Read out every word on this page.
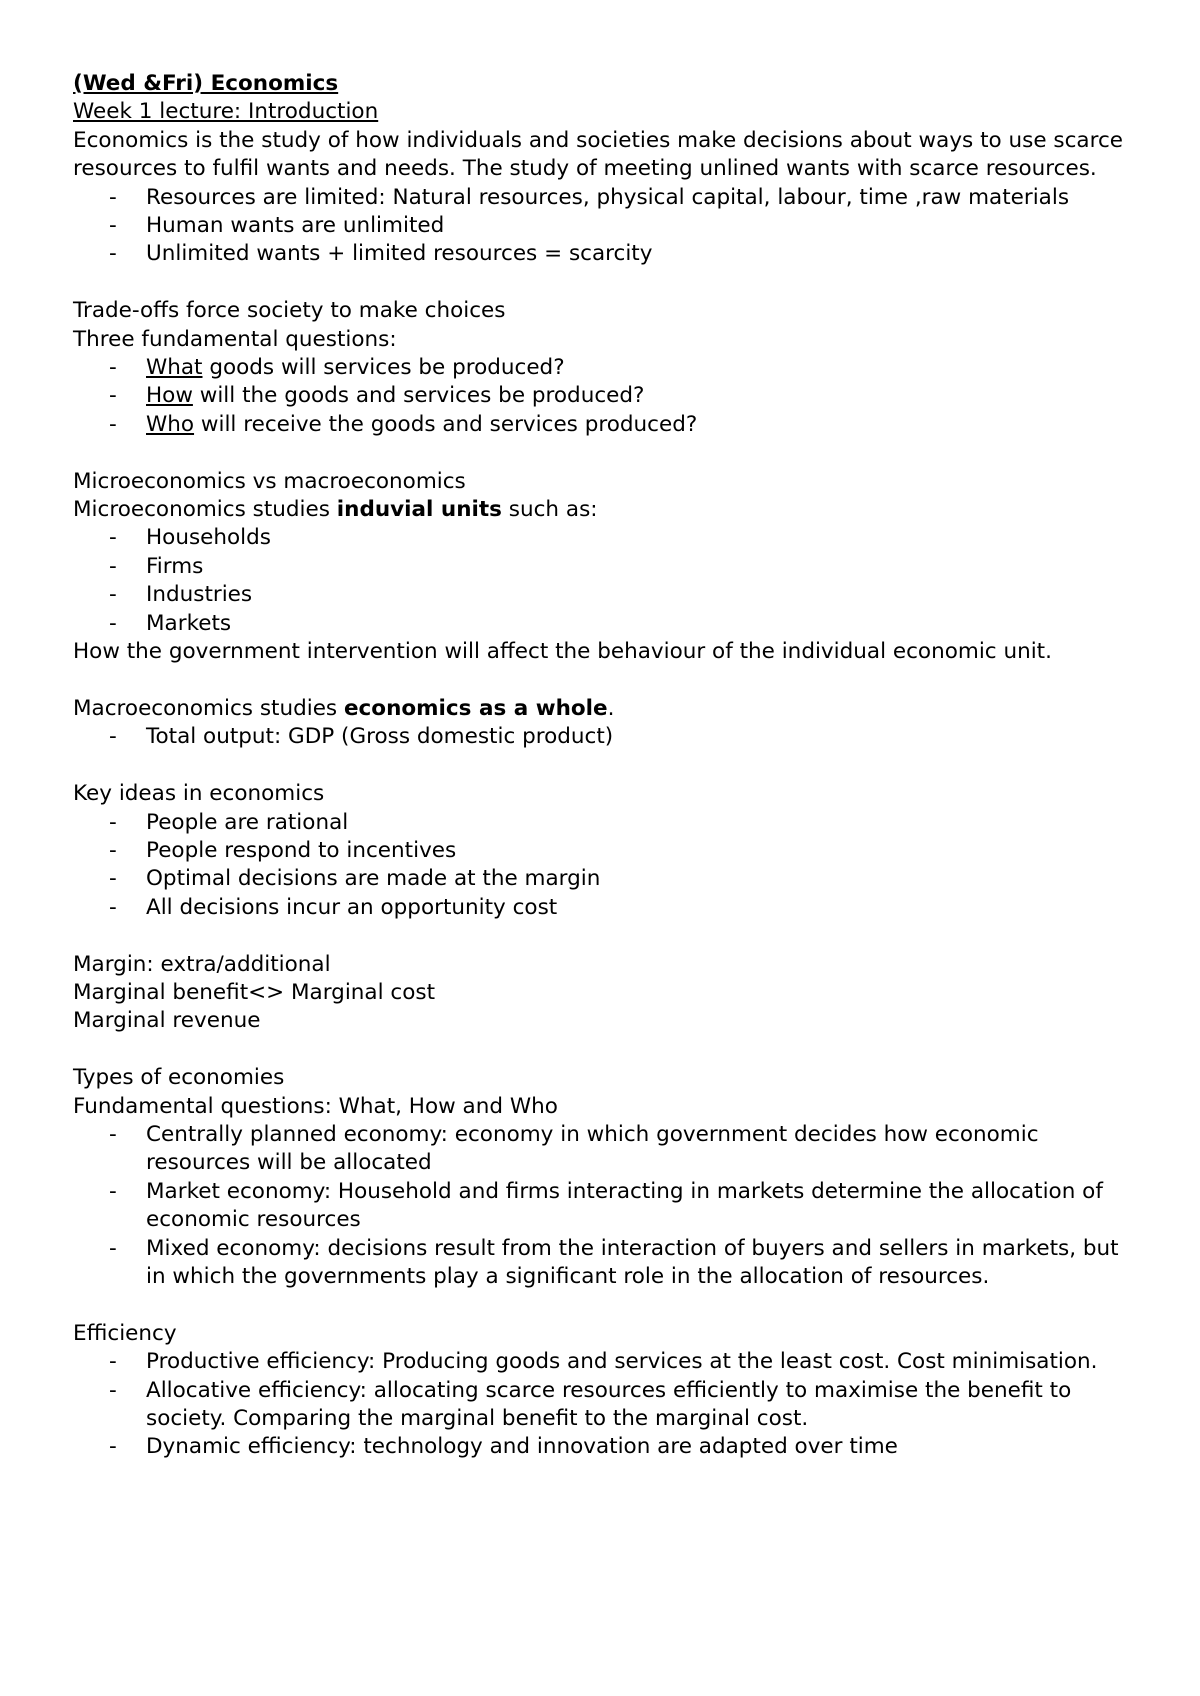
(Wed &Fri) Economics

Week 1 lecture: Introduction

Economics is the study of how individuals and societies make decisions about ways to use scarce resources to fulfil wants and needs. The study of meeting unlined wants with scarce resources.

- Resources are limited: Natural resources, physical capital, labour, time ,raw materials
- Human wants are unlimited
- Unlimited wants + limited resources = scarcity

Trade-offs force society to make choices

Three fundamental questions:

- What goods will services be produced?
- How will the goods and services be produced?
- Who will receive the goods and services produced?

Microeconomics vs macroeconomics

Microeconomics studies induvial units such as:

- Households
- Firms
- Industries
- Markets

How the government intervention will affect the behaviour of the individual economic unit.

Macroeconomics studies economics as a whole.

- Total output: GDP (Gross domestic product)

Key ideas in economics

- People are rational
- People respond to incentives
- Optimal decisions are made at the margin
- All decisions incur an opportunity cost

Margin: extra/additional

Marginal benefit<> Marginal cost

Marginal revenue

Types of economies

Fundamental questions: What, How and Who

- Centrally planned economy: economy in which government decides how economic resources will be allocated
- Market economy: Household and firms interacting in markets determine the allocation of economic resources
- Mixed economy: decisions result from the interaction of buyers and sellers in markets, but in which the governments play a significant role in the allocation of resources.

Efficiency

- Productive efficiency: Producing goods and services at the least cost. Cost minimisation.
- Allocative efficiency: allocating scarce resources efficiently to maximise the benefit to society. Comparing the marginal benefit to the marginal cost.
- Dynamic efficiency: technology and innovation are adapted over time
